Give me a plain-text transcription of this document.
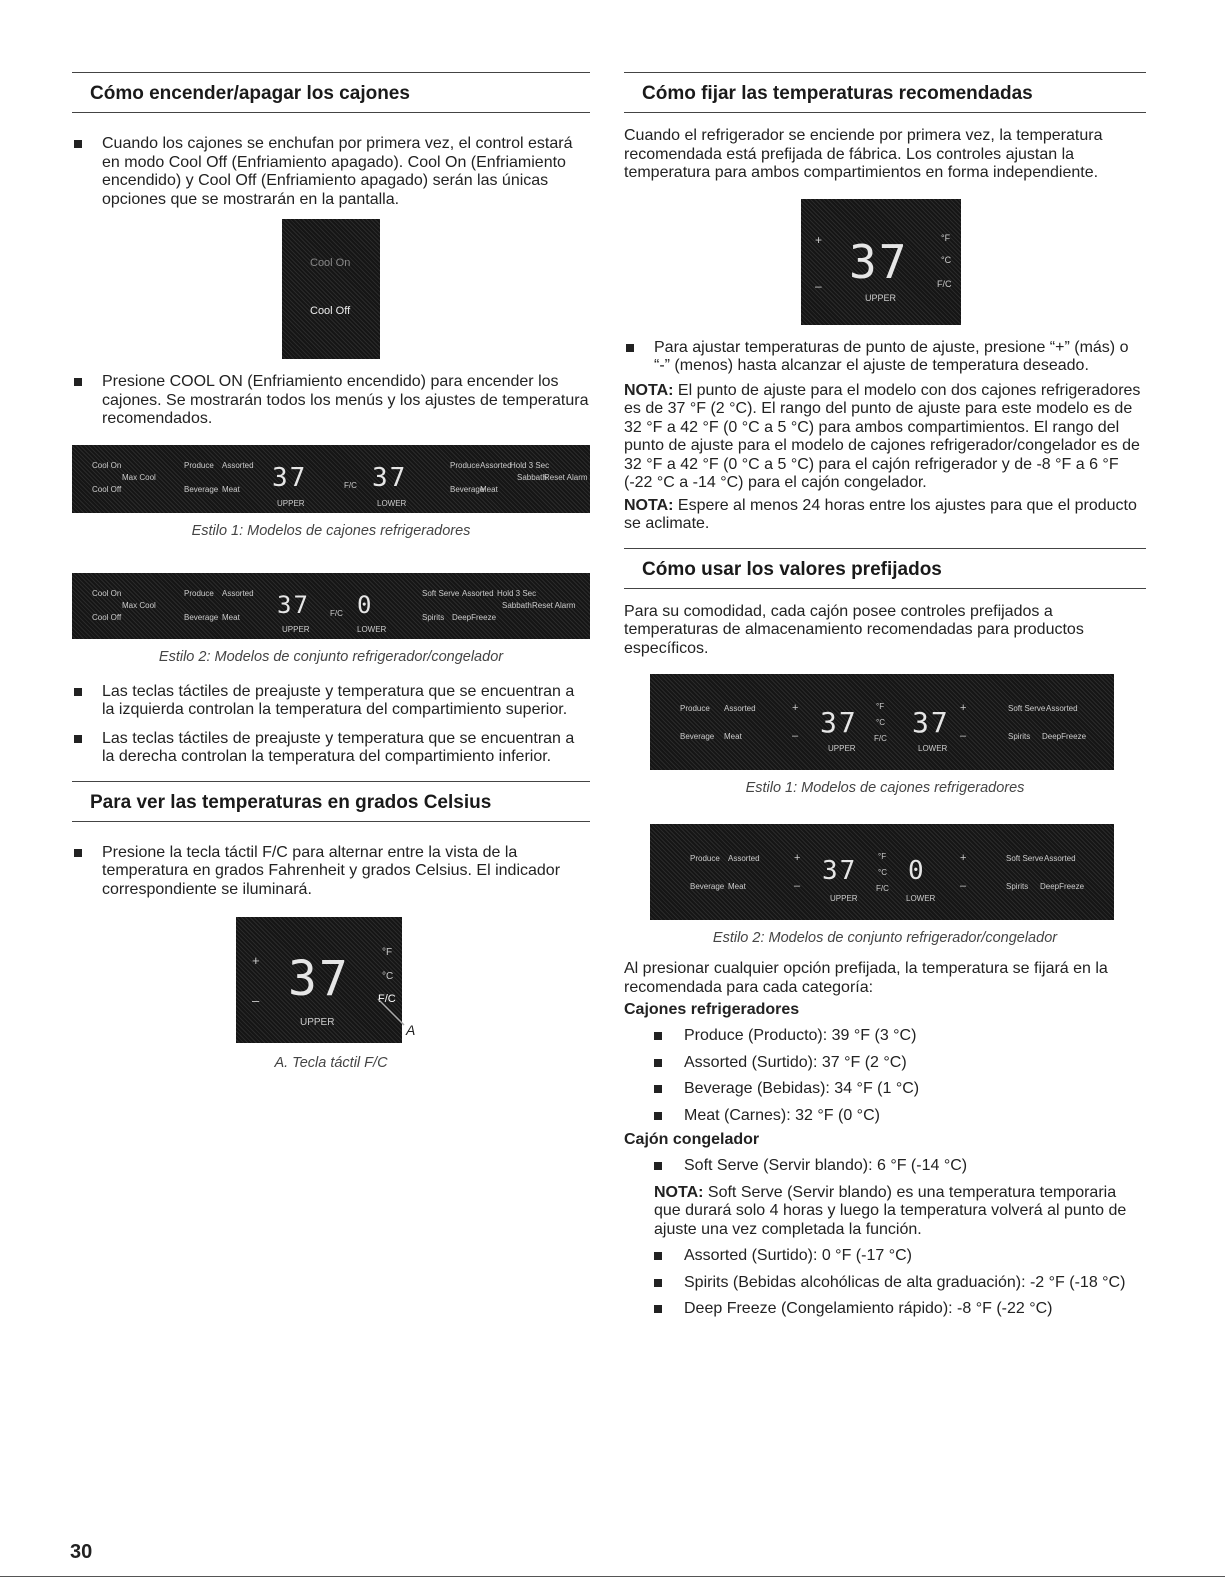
Cómo encender/apagar los cajones
Cuando los cajones se enchufan por primera vez, el control estará en modo Cool Off (Enfriamiento apagado). Cool On (Enfriamiento encendido) y Cool Off (Enfriamiento apagado) serán las únicas opciones que se mostrarán en la pantalla.
Cool On
Cool Off
Presione COOL ON (Enfriamiento encendido) para encender los cajones. Se mostrarán todos los menús y los ajustes de temperatura recomendados.
Cool On
Max Cool
Cool Off
Produce Assorted
Beverage Meat 37
UPPER
F/C 37
LOWER
Produce Assorted
Hold 3 Sec
Sabbath
Reset Alarm
Beverage
Meat
Estilo 1: Modelos de cajones refrigeradores
Cool On
Max Cool
Cool Off
Produce Assorted
Beverage Meat 37
UPPER
F/C 0
LOWER
Soft Serve Assorted Hold 3 Sec
Sabbath Reset Alarm
Spirits DeepFreeze
Estilo 2: Modelos de conjunto refrigerador/congelador
Las teclas táctiles de preajuste y temperatura que se encuentran a la izquierda controlan la temperatura del compartimiento superior.
Las teclas táctiles de preajuste y temperatura que se encuentran a la derecha controlan la temperatura del compartimiento inferior.
Para ver las temperaturas en grados Celsius
Presione la tecla táctil F/C para alternar entre la vista de la temperatura en grados Fahrenheit y grados Celsius. El indicador correspondiente se iluminará.
+
– 37
UPPER
°F
°C
F/C
A
A. Tecla táctil F/C
Cómo fijar las temperaturas recomendadas
Cuando el refrigerador se enciende por primera vez, la temperatura recomendada está prefijada de fábrica. Los controles ajustan la temperatura para ambos compartimientos en forma independiente.
+
– 37
UPPER
°F
°C
F/C
Para ajustar temperaturas de punto de ajuste, presione “+” (más) o “-” (menos) hasta alcanzar el ajuste de temperatura deseado.
NOTA: El punto de ajuste para el modelo con dos cajones refrigeradores es de 37 °F (2 °C). El rango del punto de ajuste para este modelo es de 32 °F a 42 °F (0 °C a 5 °C) para ambos compartimientos. El rango del punto de ajuste para el modelo de cajones refrigerador/congelador es de 32 °F a 42 °F (0 °C a 5 °C) para el cajón refrigerador y de -8 °F a 6 °F (-22 °C a -14 °C) para el cajón congelador.
NOTA: Espere al menos 24 horas entre los ajustes para que el producto se aclimate.
Cómo usar los valores prefijados
Para su comodidad, cada cajón posee controles prefijados a temperaturas de almacenamiento recomendadas para productos específicos.
Produce Assorted
Beverage Meat
+
– 37
UPPER
°F
°C
F/C 37
LOWER
+
–
Soft Serve Assorted
Spirits DeepFreeze
Estilo 1: Modelos de cajones refrigeradores
Produce Assorted
Beverage Meat
+
– 37
UPPER
°F
°C
F/C
0
LOWER
+
–
Soft Serve Assorted
Spirits DeepFreeze
Estilo 2: Modelos de conjunto refrigerador/congelador
Al presionar cualquier opción prefijada, la temperatura se fijará en la recomendada para cada categoría:
Cajones refrigeradores
Produce (Producto): 39 °F (3 °C)
Assorted (Surtido): 37 °F (2 °C)
Beverage (Bebidas): 34 °F (1 °C)
Meat (Carnes): 32 °F (0 °C)
Cajón congelador
Soft Serve (Servir blando): 6 °F (-14 °C)
NOTA: Soft Serve (Servir blando) es una temperatura temporaria que durará solo 4 horas y luego la temperatura volverá al punto de ajuste una vez completada la función.
Assorted (Surtido): 0 °F (-17 °C)
Spirits (Bebidas alcohólicas de alta graduación): -2 °F (-18 °C)
Deep Freeze (Congelamiento rápido): -8 °F (-22 °C)
30
